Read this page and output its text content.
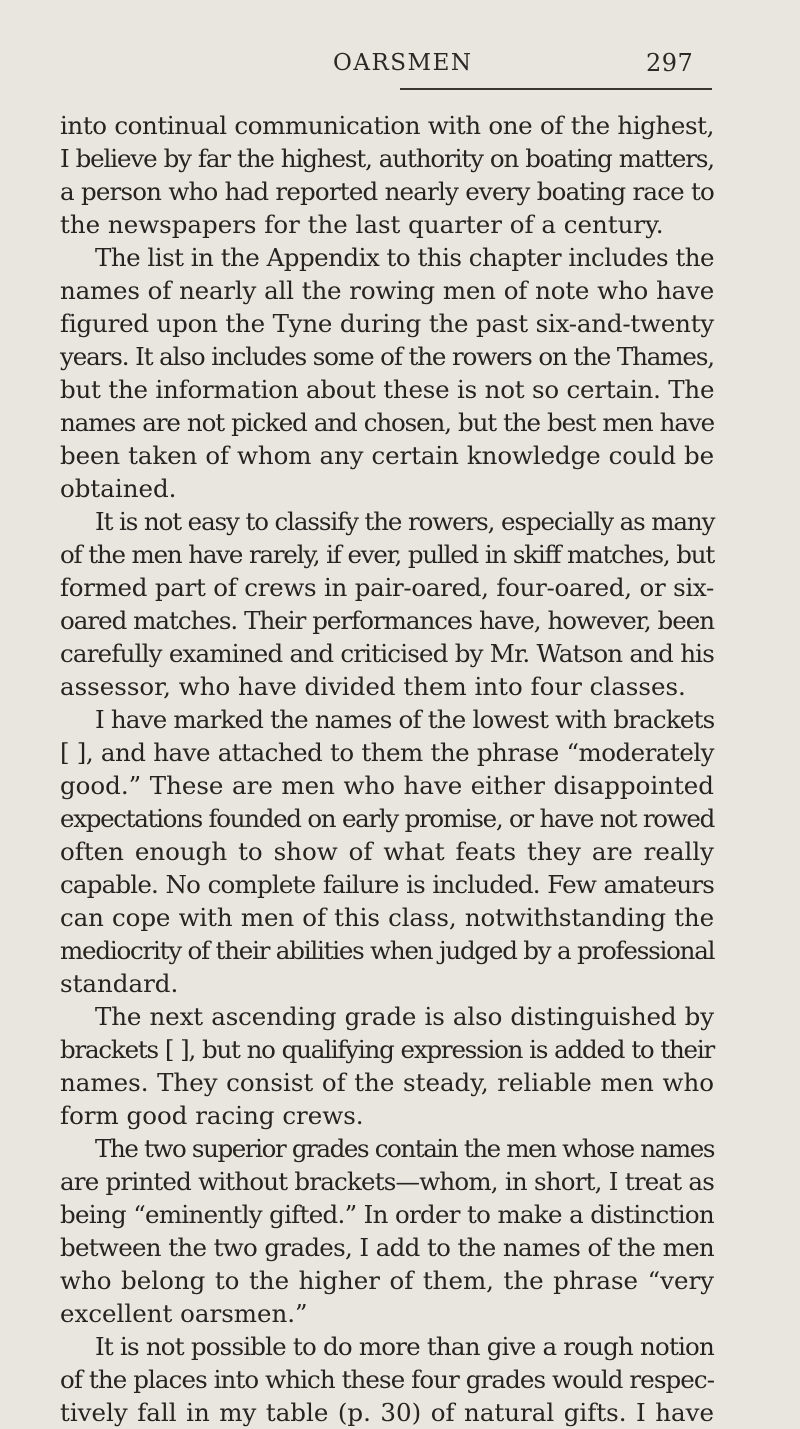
OARSMEN	297
into continual communication with one of the highest,
I believe by far the highest, authority on boating matters,
a person who had reported nearly every boating race to
the newspapers for the last quarter of a century.
The list in the Appendix to this chapter includes the
names of nearly all the rowing men of note who have
figured upon the Tyne during the past six-and-twenty
years. It also includes some of the rowers on the Thames,
but the information about these is not so certain. The
names are not picked and chosen, but the best men have
been taken of whom any certain knowledge could be
obtained.
It is not easy to classify the rowers, especially as many
of the men have rarely, if ever, pulled in skiff matches, but
formed part of crews in pair-oared, four-oared, or six-
oared matches. Their performances have, however, been
carefully examined and criticised by Mr. Watson and his
assessor, who have divided them into four classes.
I have marked the names of the lowest with brackets
[ ], and have attached to them the phrase “moderately
good.” These are men who have either disappointed
expectations founded on early promise, or have not rowed
often enough to show of what feats they are really
capable. No complete failure is included. Few amateurs
can cope with men of this class, notwithstanding the
mediocrity of their abilities when judged by a professional
standard.
The next ascending grade is also distinguished by
brackets [ ], but no qualifying expression is added to their
names. They consist of the steady, reliable men who
form good racing crews.
The two superior grades contain the men whose names
are printed without brackets—whom, in short, I treat as
being “eminently gifted.” In order to make a distinction
between the two grades, I add to the names of the men
who belong to the higher of them, the phrase “very
excellent oarsmen.”
It is not possible to do more than give a rough notion
of the places into which these four grades would respec-
tively fall in my table (p. 30) of natural gifts. I have
